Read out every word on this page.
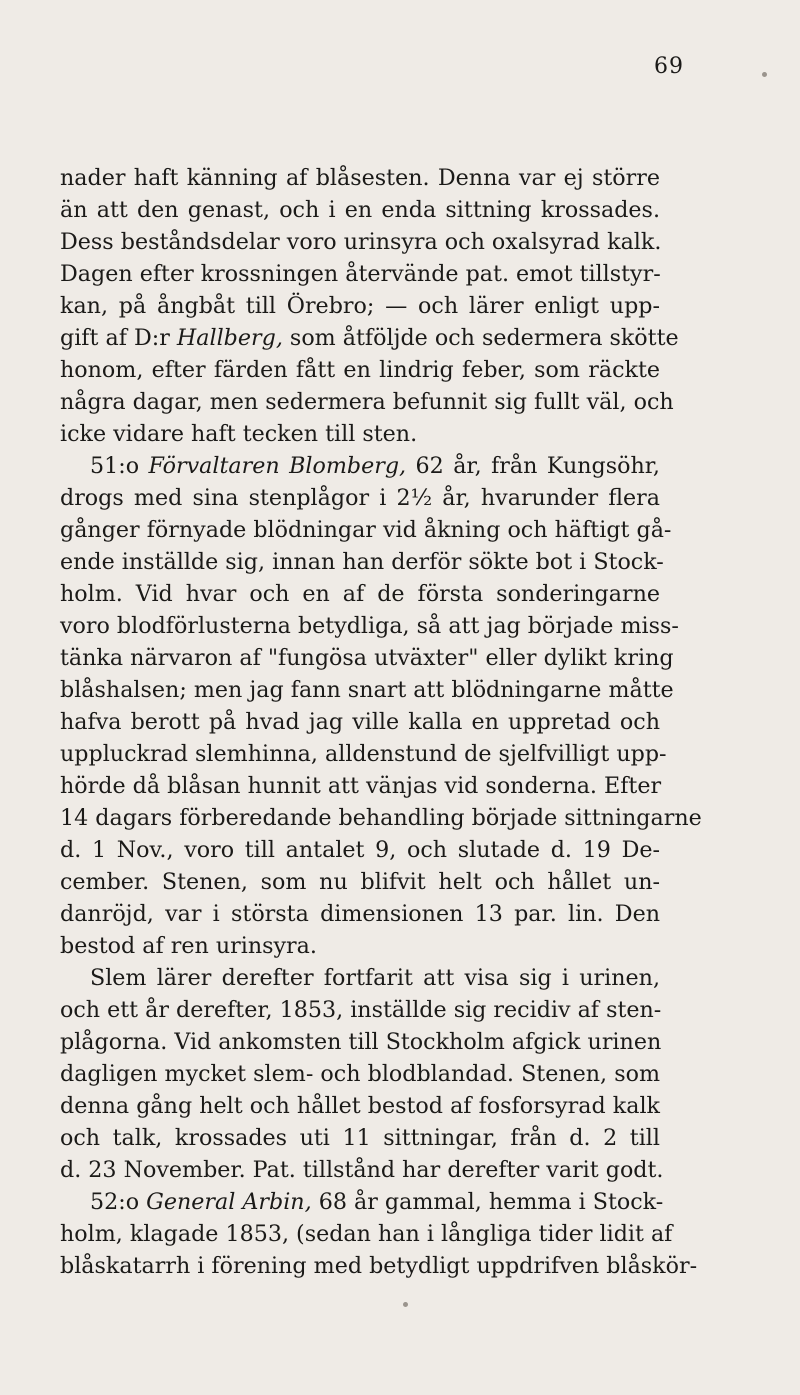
69
nader haft känning af blåsesten. Denna var ej större
än att den genast, och i en enda sittning krossades.
Dess beståndsdelar voro urinsyra och oxalsyrad kalk.
Dagen efter krossningen återvände pat. emot tillstyr-
kan, på ångbåt till Örebro; — och lärer enligt upp-
gift af D:r Hallberg, som åtföljde och sedermera skötte
honom, efter färden fått en lindrig feber, som räckte
några dagar, men sedermera befunnit sig fullt väl, och
icke vidare haft tecken till sten.
51:o Förvaltaren Blomberg, 62 år, från Kungsöhr,
drogs med sina stenplågor i 2½ år, hvarunder flera
gånger förnyade blödningar vid åkning och häftigt gå-
ende inställde sig, innan han derför sökte bot i Stock-
holm. Vid hvar och en af de första sonderingarne
voro blodförlusterna betydliga, så att jag började miss-
tänka närvaron af "fungösa utväxter" eller dylikt kring
blåshalsen; men jag fann snart att blödningarne måtte
hafva berott på hvad jag ville kalla en uppretad och
uppluckrad slemhinna, alldenstund de sjelfvilligt upp-
hörde då blåsan hunnit att vänjas vid sonderna. Efter
14 dagars förberedande behandling började sittningarne
d. 1 Nov., voro till antalet 9, och slutade d. 19 De-
cember. Stenen, som nu blifvit helt och hållet un-
danröjd, var i största dimensionen 13 par. lin. Den
bestod af ren urinsyra.
Slem lärer derefter fortfarit att visa sig i urinen,
och ett år derefter, 1853, inställde sig recidiv af sten-
plågorna. Vid ankomsten till Stockholm afgick urinen
dagligen mycket slem- och blodblandad. Stenen, som
denna gång helt och hållet bestod af fosforsyrad kalk
och talk, krossades uti 11 sittningar, från d. 2 till
d. 23 November. Pat. tillstånd har derefter varit godt.
52:o General Arbin, 68 år gammal, hemma i Stock-
holm, klagade 1853, (sedan han i långliga tider lidit af
blåskatarrh i förening med betydligt uppdrifven blåskör-
